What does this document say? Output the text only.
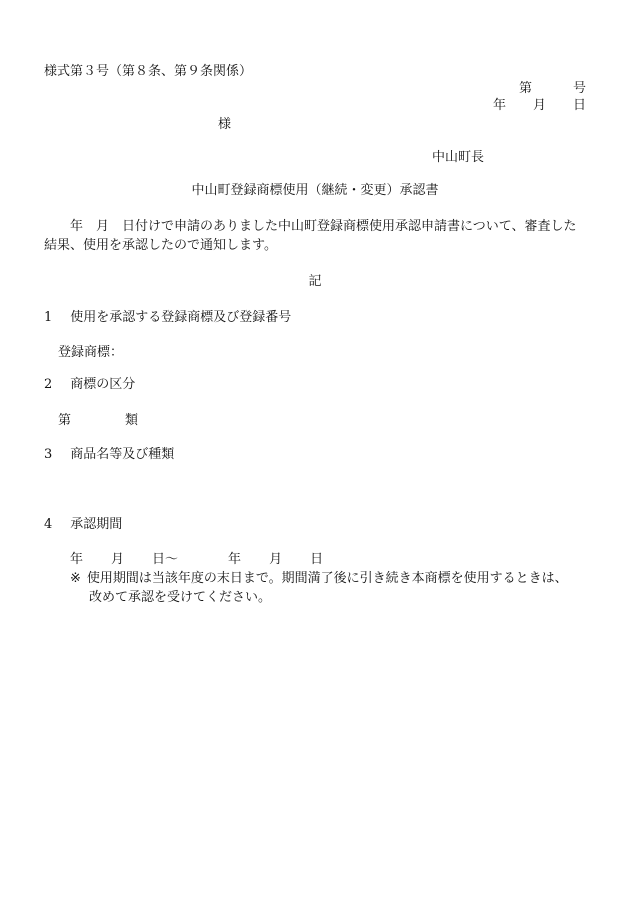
様式第３号（第８条、第９条関係）
第	号
年 月 日
様
中山町長
中山町登録商標使用（継続・変更）承認書
年 月 日付けで申請のありました中山町登録商標使用承認申請書について、審査した
結果、使用を承認したので通知します。
記
1 使用を承認する登録商標及び登録番号
登録商標：
2 商標の区分
第	類
3 商品名等及び種類
4 承認期間
年 月 日～	年 月 日
※ 使用期間は当該年度の末日まで。期間満了後に引き続き本商標を使用するときは、
改めて承認を受けてください。
